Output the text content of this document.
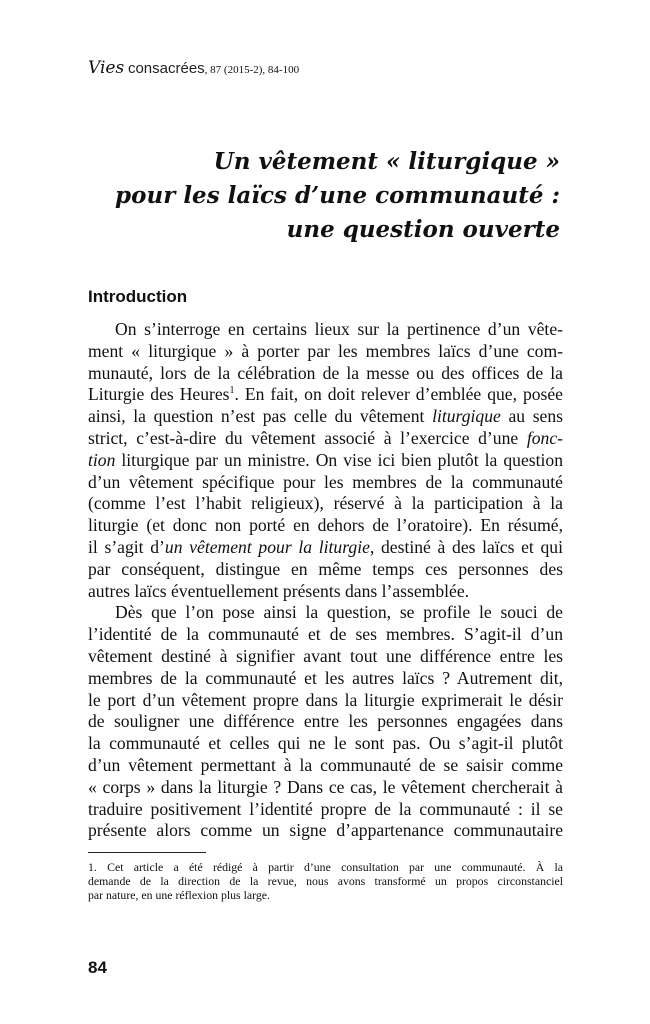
Vies consacrées, 87 (2015-2), 84-100
Un vêtement « liturgique »
pour les laïcs d’une communauté :
une question ouverte
Introduction
On s’interroge en certains lieux sur la pertinence d’un vête-
ment « liturgique » à porter par les membres laïcs d’une com-
munauté, lors de la célébration de la messe ou des offices de la
Liturgie des Heures$^1$. En fait, on doit relever d’emblée que, posée
ainsi, la question n’est pas celle du vêtement liturgique au sens
strict, c’est-à-dire du vêtement associé à l’exercice d’une fonc-
tion liturgique par un ministre. On vise ici bien plutôt la question
d’un vêtement spécifique pour les membres de la communauté
(comme l’est l’habit religieux), réservé à la participation à la
liturgie (et donc non porté en dehors de l’oratoire). En résumé,
il s’agit d’un vêtement pour la liturgie, destiné à des laïcs et qui
par conséquent, distingue en même temps ces personnes des
autres laïcs éventuellement présents dans l’assemblée.
Dès que l’on pose ainsi la question, se profile le souci de
l’identité de la communauté et de ses membres. S’agit-il d’un
vêtement destiné à signifier avant tout une différence entre les
membres de la communauté et les autres laïcs ? Autrement dit,
le port d’un vêtement propre dans la liturgie exprimerait le désir
de souligner une différence entre les personnes engagées dans
la communauté et celles qui ne le sont pas. Ou s’agit-il plutôt
d’un vêtement permettant à la communauté de se saisir comme
« corps » dans la liturgie ? Dans ce cas, le vêtement chercherait à
traduire positivement l’identité propre de la communauté : il se
présente alors comme un signe d’appartenance communautaire
1. Cet article a été rédigé à partir d’une consultation par une communauté. À la
demande de la direction de la revue, nous avons transformé un propos circonstanciel
par nature, en une réflexion plus large.
84
